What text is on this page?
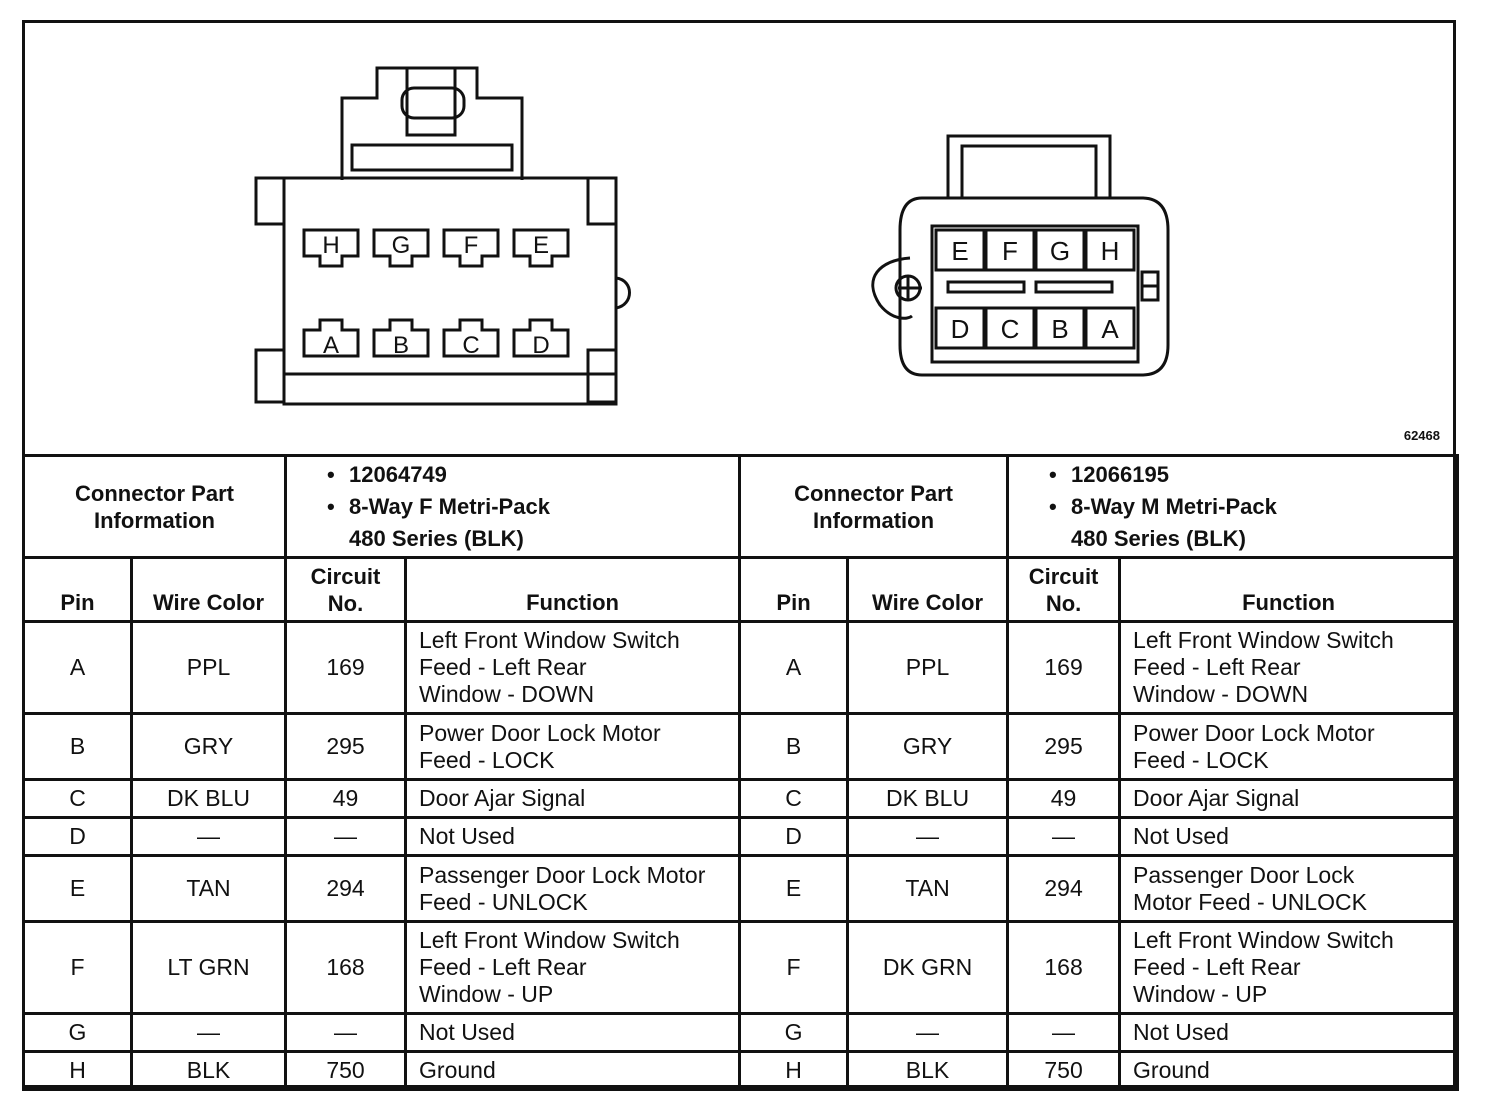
H G F E
A B C D
E F G H
D C B A
62468
Connector Part
Information		• 12064749
• 8-Way F Metri-Pack
480 Series (BLK)		Connector Part
Information		• 12066195
• 8-Way M Metri-Pack
480 Series (BLK)	

Pin	Wire Color	Circuit
No.	Function	Pin	Wire Color	Circuit
No.	Function
A	PPL	169	Left Front Window Switch
Feed - Left Rear
Window - DOWN	A	PPL	169	Left Front Window Switch
Feed - Left Rear
Window - DOWN

B	GRY	295	Power Door Lock Motor
Feed - LOCK	B	GRY	295	Power Door Lock Motor
Feed - LOCK

C	DK BLU	49	Door Ajar Signal	C	DK BLU	49	Door Ajar Signal

D	—	—	Not Used	D	—	—	Not Used

E	TAN	294	Passenger Door Lock Motor
Feed - UNLOCK	E	TAN	294	Passenger Door Lock
Motor Feed - UNLOCK

F	LT GRN	168	Left Front Window Switch
Feed - Left Rear
Window - UP	F	DK GRN	168	Left Front Window Switch
Feed - Left Rear
Window - UP

G	—	—	Not Used	G	—	—	Not Used

H	BLK	750	Ground	H	BLK	750	Ground
